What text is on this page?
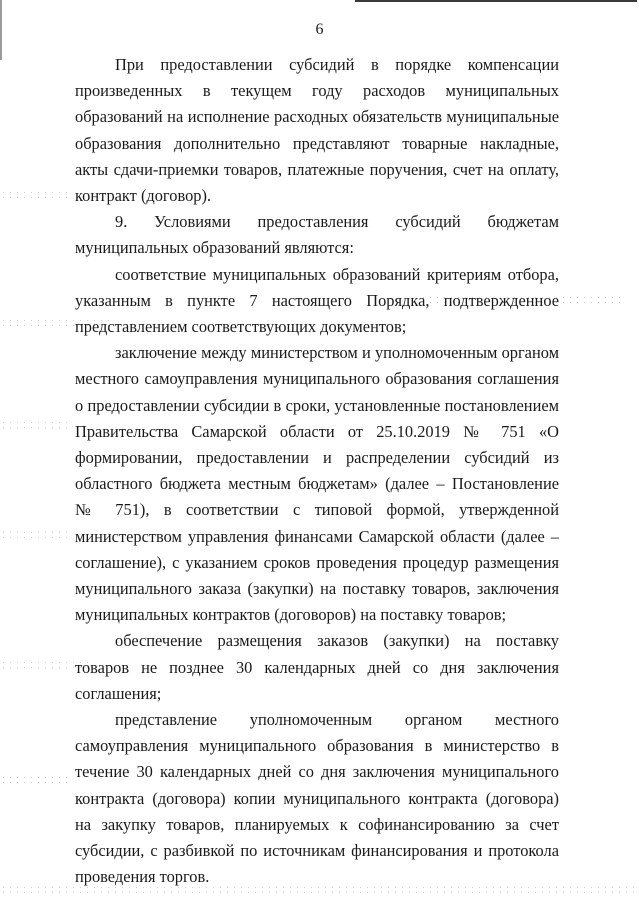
6

При предоставлении субсидий в порядке компенсации произведенных в текущем году расходов муниципальных образований на исполнение расходных обязательств муниципальные образования дополнительно представляют товарные накладные, акты сдачи-приемки товаров, платежные поручения, счет на оплату, контракт (договор).

9. Условиями предоставления субсидий бюджетам муниципальных образований являются:

соответствие муниципальных образований критериям отбора, указанным в пункте 7 настоящего Порядка, подтвержденное представлением соответствующих документов;

заключение между министерством и уполномоченным органом местного самоуправления муниципального образования соглашения о предоставлении субсидии в сроки, установленные постановлением Правительства Самарской области от 25.10.2019 № 751 «О формировании, предоставлении и распределении субсидий из областного бюджета местным бюджетам» (далее – Постановление № 751), в соответствии с типовой формой, утвержденной министерством управления финансами Самарской области (далее – соглашение), с указанием сроков проведения процедур размещения муниципального заказа (закупки) на поставку товаров, заключения муниципальных контрактов (договоров) на поставку товаров;

обеспечение размещения заказов (закупки) на поставку товаров не позднее 30 календарных дней со дня заключения соглашения;

представление уполномоченным органом местного самоуправления муниципального образования в министерство в течение 30 календарных дней со дня заключения муниципального контракта (договора) копии муниципального контракта (договора) на закупку товаров, планируемых к софинансированию за счет субсидии, с разбивкой по источникам финансирования и протокола проведения торгов.
